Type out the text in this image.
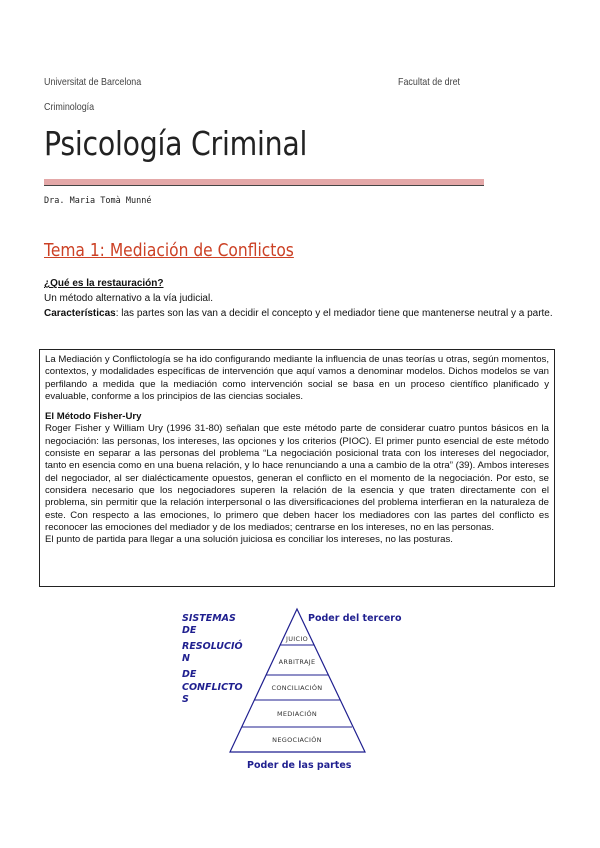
Universitat de Barcelona	Facultat de dret
Criminología
Psicología Criminal
Dra. Maria Tomà Munné
Tema 1: Mediación de Conflictos
¿Qué es la restauración?
Un método alternativo a la vía judicial.
Características: las partes son las van a decidir el concepto y el mediador tiene que mantenerse neutral y a parte.

La Mediación y Conflictología se ha ido configurando mediante la influencia de unas teorías u otras, según momentos, contextos, y modalidades específicas de intervención que aquí vamos a denominar modelos. Dichos modelos se van perfilando a medida que la mediación como intervención social se basa en un proceso científico planificado y evaluable, conforme a los principios de las ciencias sociales.

El Método Fisher-Ury

Roger Fisher y William Ury (1996 31-80) señalan que este método parte de considerar cuatro puntos básicos en la negociación: las personas, los intereses, las opciones y los criterios (PIOC). El primer punto esencial de este método consiste en separar a las personas del problema “La negociación posicional trata con los intereses del negociador, tanto en esencia como en una buena relación, y lo hace renunciando a una a cambio de la otra” (39). Ambos intereses del negociador, al ser dialécticamente opuestos, generan el conflicto en el momento de la negociación. Por esto, se considera necesario que los negociadores superen la relación de la esencia y que traten directamente con el problema, sin permitir que la relación interpersonal o las diversificaciones del problema interfieran en la naturaleza de este. Con respecto a las emociones, lo primero que deben hacer los mediadores con las partes del conflicto es reconocer las emociones del mediador y de los mediados; centrarse en los intereses, no en las personas.

El punto de partida para llegar a una solución juiciosa es conciliar los intereses, no las posturas.

SISTEMAS
DE
RESOLUCIÓ
N
DE
CONFLICTO
S
Poder del tercero
Poder de las partes
JUICIO
ARBITRAJE
CONCILIACIÓN
MEDIACIÓN
NEGOCIACIÓN
